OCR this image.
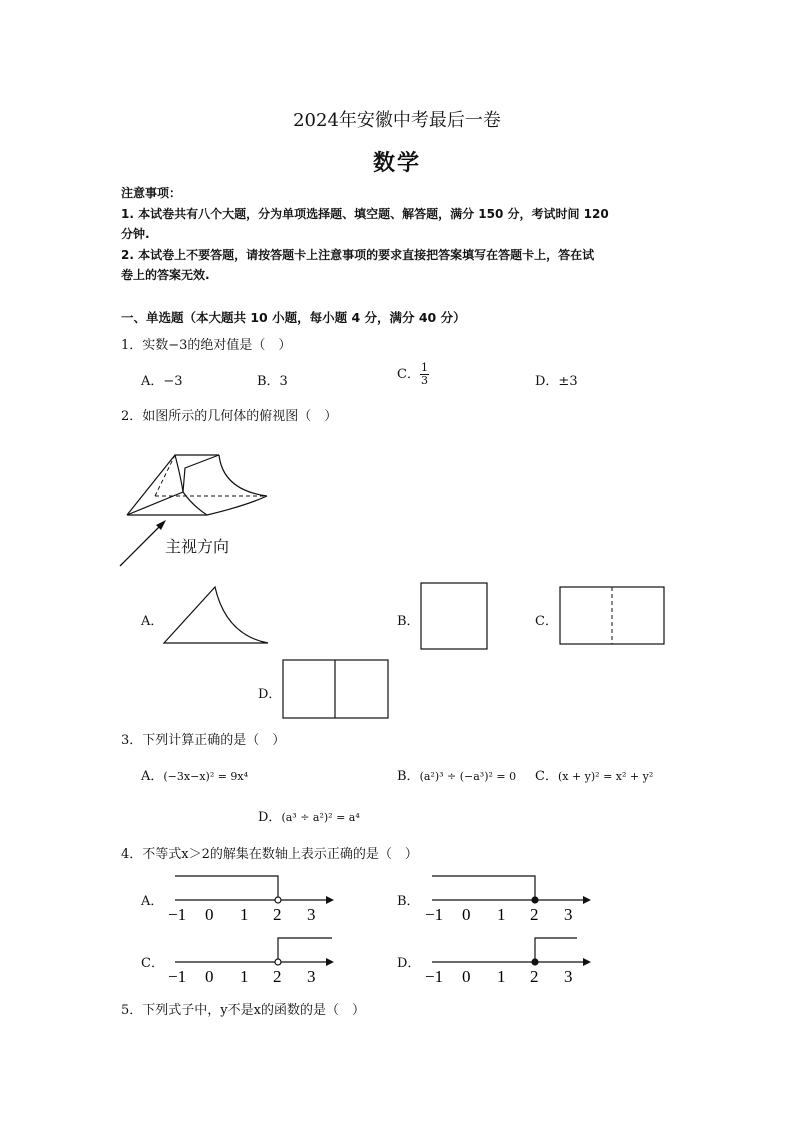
2024年安徽中考最后一卷
数学
注意事项：
1. 本试卷共有八个大题，分为单项选择题、填空题、解答题，满分 150 分，考试时间 120
分钟.
2. 本试卷上不要答题，请按答题卡上注意事项的要求直接把答案填写在答题卡上，答在试
卷上的答案无效.
一、单选题（本大题共 10 小题，每小题 4 分，满分 40 分）
1．实数−3的绝对值是（　）
A．−3	B．3	C． $\frac{1}{3}$	D．±3
2．如图所示的几何体的俯视图（　）
主视方向
A．	B．	C．
D．
3．下列计算正确的是（　）
A．(−3x−x)² = 9x⁴	B．(a²)³ ÷ (−a³)² = 0 C．(x + y)² = x² + y²
D．(a³ ÷ a²)² = a⁴
4．不等式x＞2的解集在数轴上表示正确的是（　）
A．	B．
C．	D．
−1 0 1 2 3	−1 0 1 2 3
−1 0 1 2 3	−1 0 1 2 3
5．下列式子中，y不是x的函数的是（　）
